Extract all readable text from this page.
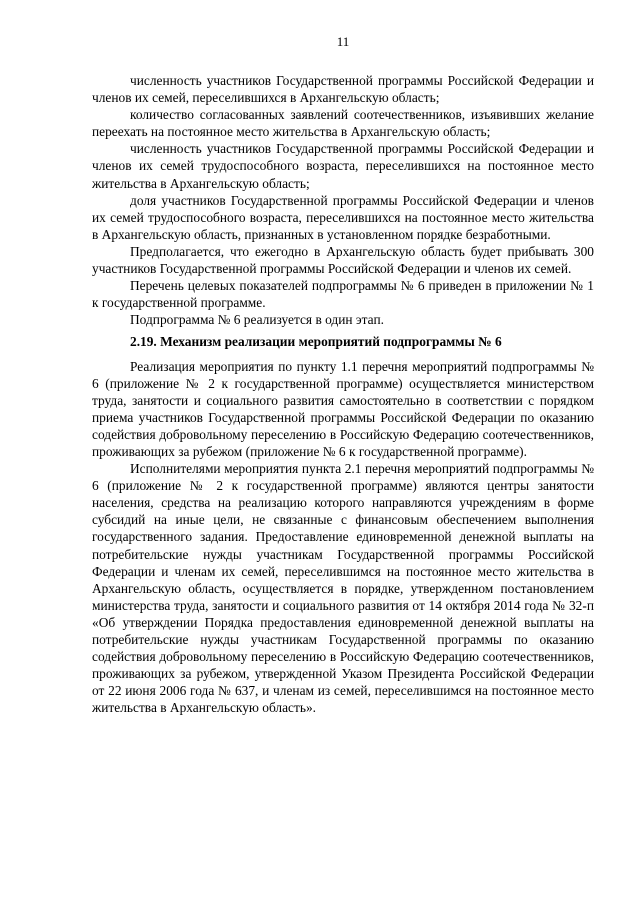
11

численность участников Государственной программы Российской Федерации и членов их семей, переселившихся в Архангельскую область;

количество согласованных заявлений соотечественников, изъявивших желание переехать на постоянное место жительства в Архангельскую область;

численность участников Государственной программы Российской Федерации и членов их семей трудоспособного возраста, переселившихся на постоянное место жительства в Архангельскую область;

доля участников Государственной программы Российской Федерации и членов их семей трудоспособного возраста, переселившихся на постоянное место жительства в Архангельскую область, признанных в установленном порядке безработными.

Предполагается, что ежегодно в Архангельскую область будет прибывать 300 участников Государственной программы Российской Федерации и членов их семей.

Перечень целевых показателей подпрограммы № 6 приведен в приложении № 1 к государственной программе.

Подпрограмма № 6 реализуется в один этап.

2.19. Механизм реализации мероприятий подпрограммы № 6

Реализация мероприятия по пункту 1.1 перечня мероприятий подпрограммы № 6 (приложение № 2 к государственной программе) осуществляется министерством труда, занятости и социального развития самостоятельно в соответствии с порядком приема участников Государственной программы Российской Федерации по оказанию содействия добровольному переселению в Российскую Федерацию соотечественников, проживающих за рубежом (приложение № 6 к государственной программе).

Исполнителями мероприятия пункта 2.1 перечня мероприятий подпрограммы № 6 (приложение № 2 к государственной программе) являются центры занятости населения, средства на реализацию которого направляются учреждениям в форме субсидий на иные цели, не связанные с финансовым обеспечением выполнения государственного задания. Предоставление единовременной денежной выплаты на потребительские нужды участникам Государственной программы Российской Федерации и членам их семей, переселившимся на постоянное место жительства в Архангельскую область, осуществляется в порядке, утвержденном постановлением министерства труда, занятости и социального развития от 14 октября 2014 года № 32-п «Об утверждении Порядка предоставления единовременной денежной выплаты на потребительские нужды участникам Государственной программы по оказанию содействия добровольному переселению в Российскую Федерацию соотечественников, проживающих за рубежом, утвержденной Указом Президента Российской Федерации от 22 июня 2006 года № 637, и членам из семей, переселившимся на постоянное место жительства в Архангельскую область».
